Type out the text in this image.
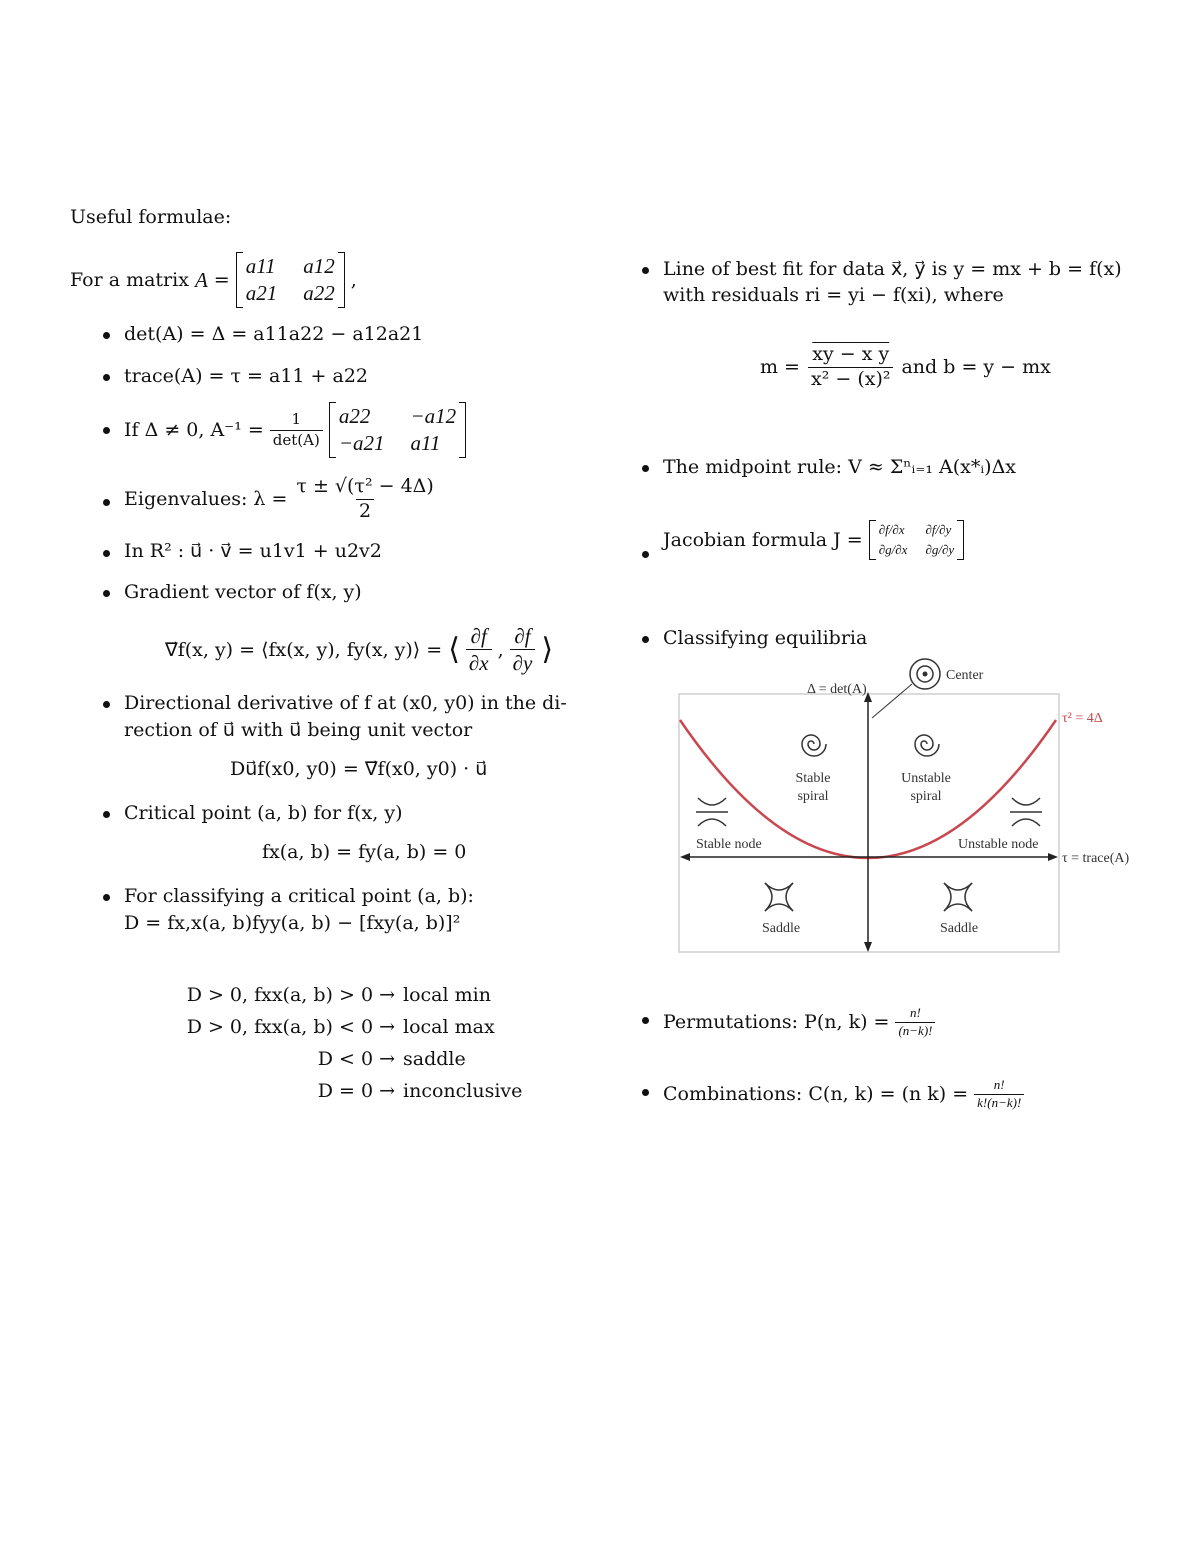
Useful formulae:
For a matrix A =
a11 a12
a21 a22
,
det(A) = Δ = a11a22 − a12a21
trace(A) = τ = a11 + a22
If Δ ≠ 0, $A^{-1} = \frac{1}{\det(A)} a22$	−a12
−a21 a11
Eigenvalues: $\lambda = \frac{\text{τ ± √(τ² − 4Δ)}}{2}$
In R² : u⃗ · v⃗ = u1v1 + u2v2
Gradient vector of f(x, y)
∇⃗f(x, y) = ⟨fx(x, y), fy(x, y)⟩ = ⟨ $\frac{\partial f}{\partial x}$ , $\frac{\partial f}{\partial y}$ ⟩
Directional derivative of f at (x0, y0) in the di-
rection of u⃗ with u⃗ being unit vector
Du⃗f(x0, y0) = ∇⃗f(x0, y0) · u⃗
Critical point (a, b) for f(x, y)
fx(a, b) = fy(a, b) = 0
For classifying a critical point (a, b):
D = fx,x(a, b)fyy(a, b) − [fxy(a, b)]²
D > 0, fxx(a, b) > 0 → local min
D > 0, fxx(a, b) < 0 → local max
D < 0 → saddle
D = 0 → inconclusive
Line of best fit for data x⃗, y⃗ is y = mx + b = f(x)
with residuals ri = yi − f(xi), where
$m = \frac{\text{xy − x y}}{\text{x² − (x)²}}$ and b = y − mx
The midpoint rule: V ≈ Σⁿᵢ₌₁ A(x*ᵢ)Δx
Jacobian formula J = ∂f/∂x ∂f/∂y
∂g/∂x ∂g/∂y
Classifying equilibria
Center
Δ = det(A)
τ² = 4Δ
τ = trace(A)
Stable
spiral
Unstable
spiral
Stable node	Unstable node
Saddle	Saddle
Permutations: P(n, $k) = \frac{n!}{(n-k)!}$
Combinations: C(n, k) = (n $k) = \frac{n!}{k!(n-k)!}$
